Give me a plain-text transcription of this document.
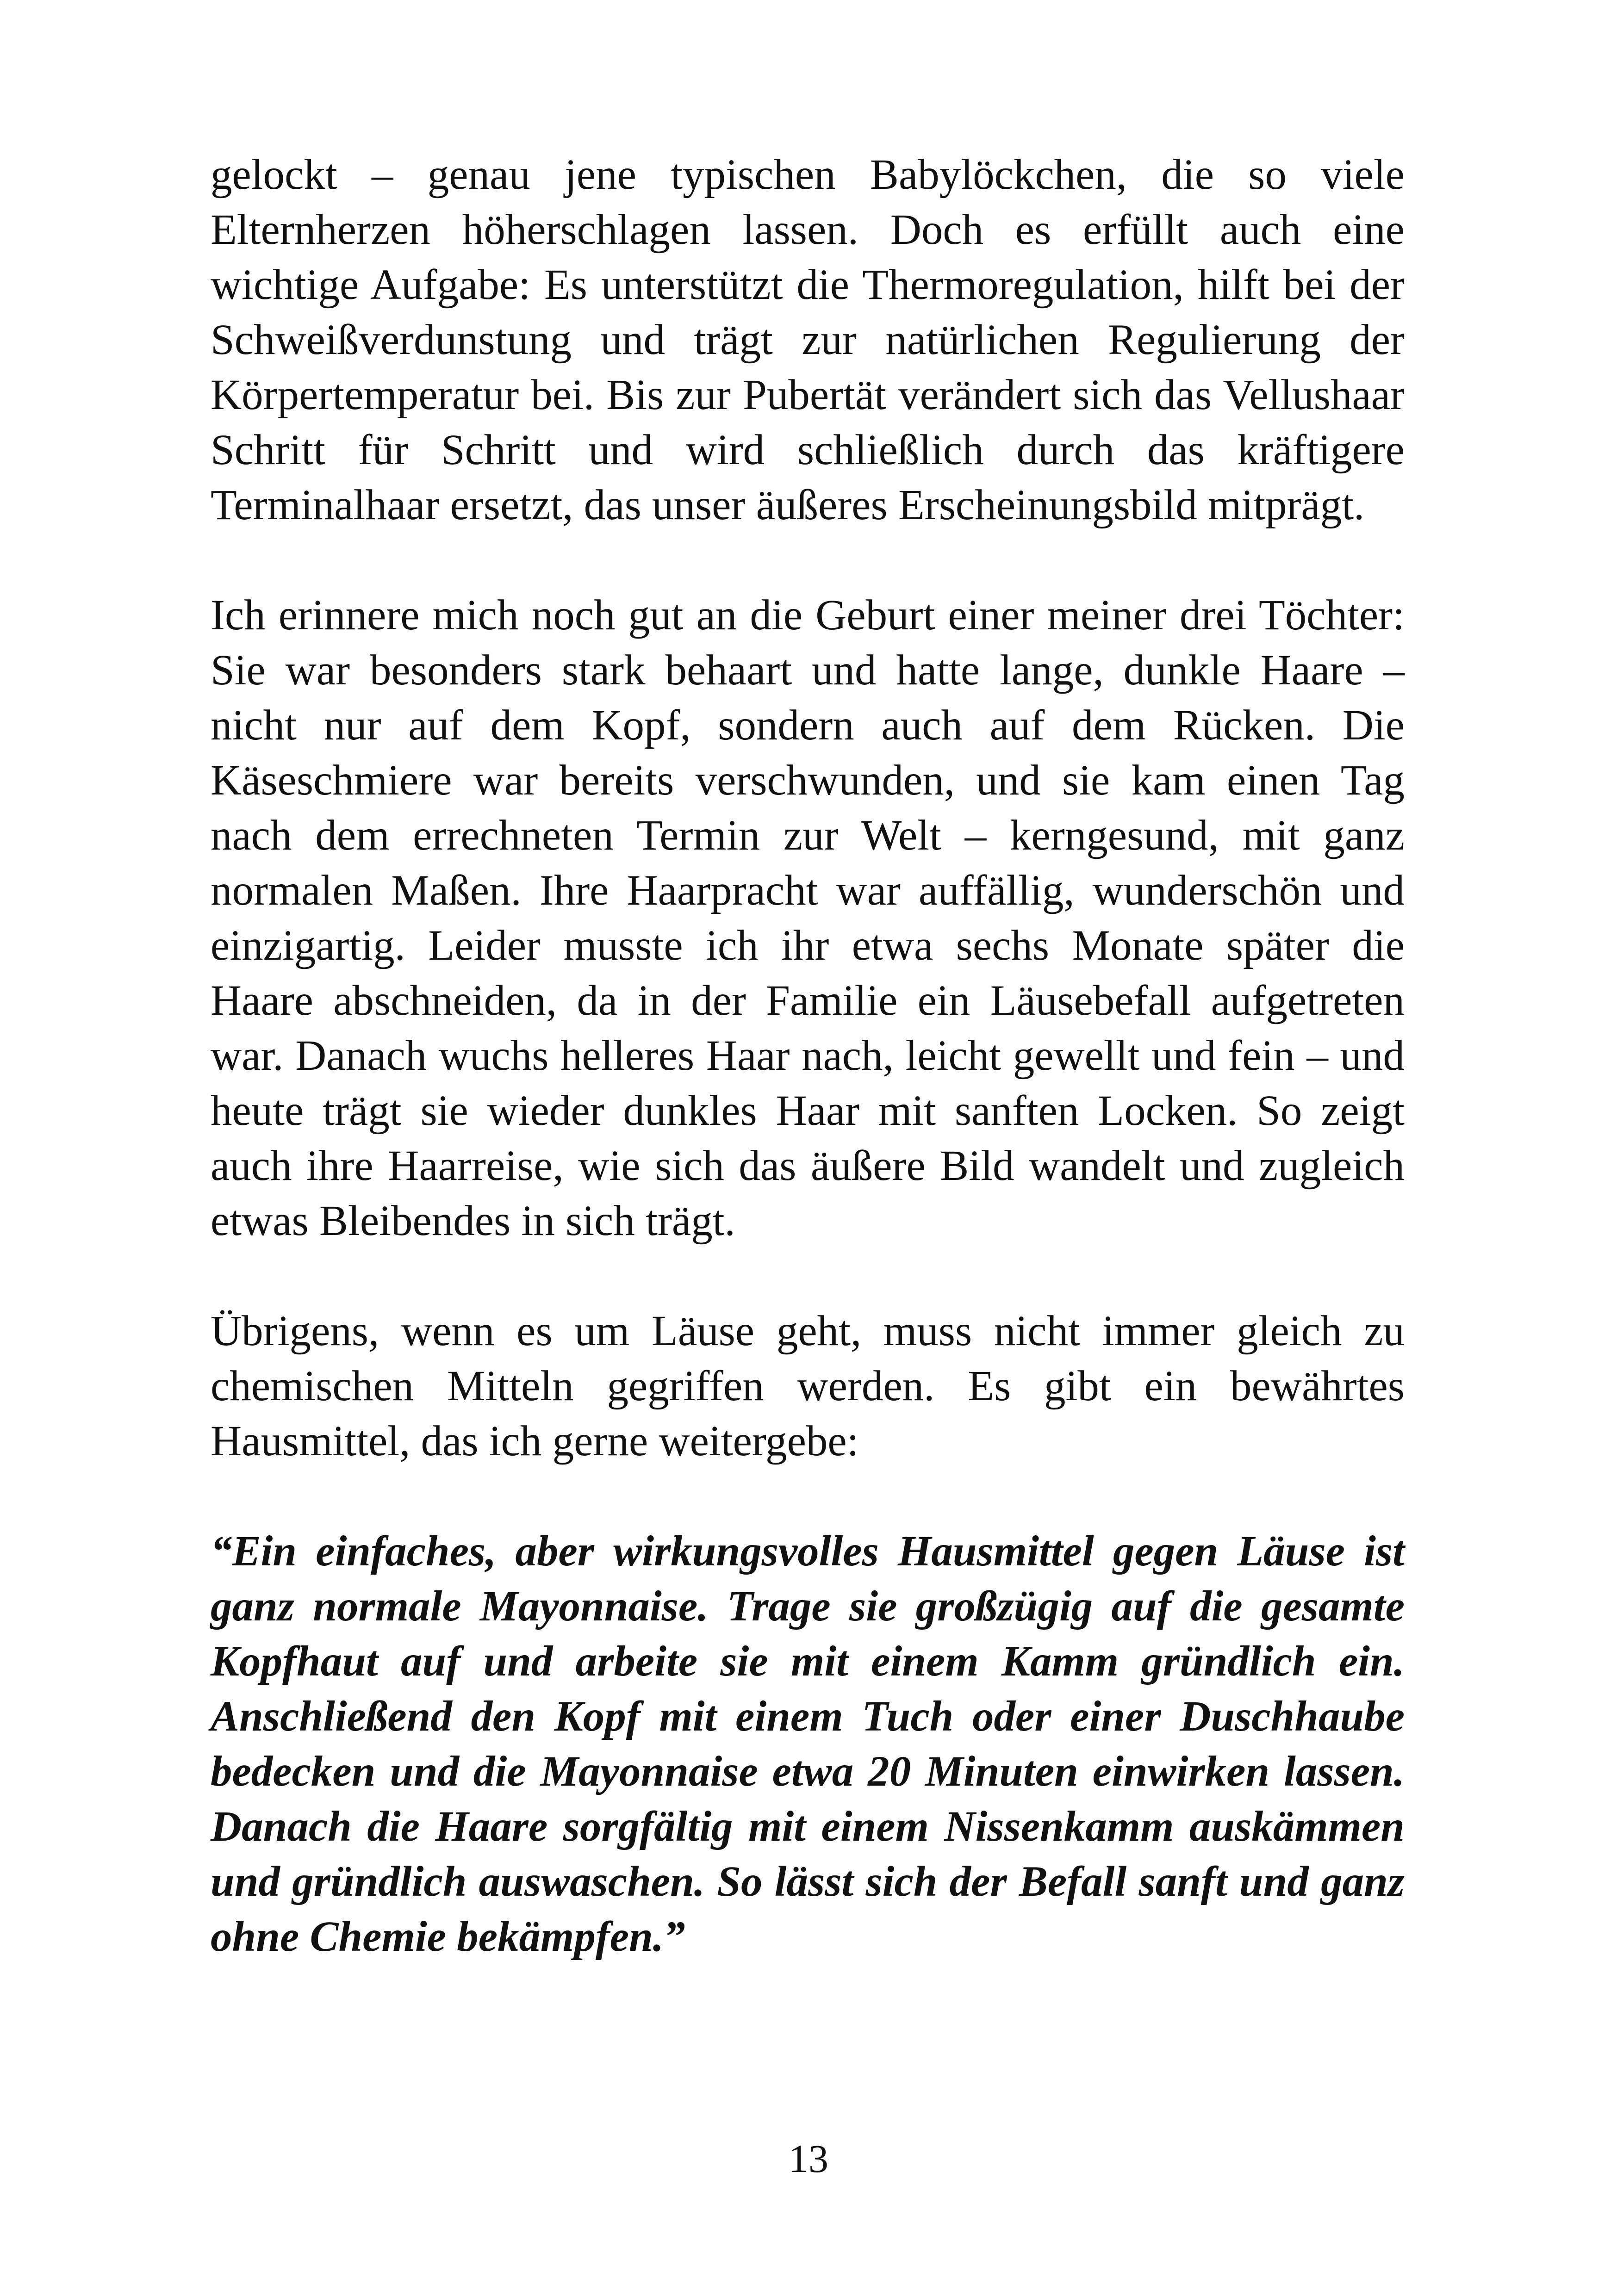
gelockt – genau jene typischen Babylöckchen, die so viele Elternherzen höherschlagen lassen. Doch es erfüllt auch eine wichtige Aufgabe: Es unterstützt die Thermoregulation, hilft bei der Schweißverdunstung und trägt zur natürlichen Regulierung der Körpertemperatur bei. Bis zur Pubertät verändert sich das Vellushaar Schritt für Schritt und wird schließlich durch das kräftigere Terminalhaar ersetzt, das unser äußeres Erscheinungsbild mitprägt.

Ich erinnere mich noch gut an die Geburt einer meiner drei Töchter: Sie war besonders stark behaart und hatte lange, dunkle Haare – nicht nur auf dem Kopf, sondern auch auf dem Rücken. Die Käseschmiere war bereits verschwunden, und sie kam einen Tag nach dem errechneten Termin zur Welt – kerngesund, mit ganz normalen Maßen. Ihre Haarpracht war auffällig, wunderschön und einzigartig. Leider musste ich ihr etwa sechs Monate später die Haare abschneiden, da in der Familie ein Läusebefall aufgetreten war. Danach wuchs helleres Haar nach, leicht gewellt und fein – und heute trägt sie wieder dunkles Haar mit sanften Locken. So zeigt auch ihre Haarreise, wie sich das äußere Bild wandelt und zugleich etwas Bleibendes in sich trägt.

Übrigens, wenn es um Läuse geht, muss nicht immer gleich zu chemischen Mitteln gegriffen werden. Es gibt ein bewährtes Hausmittel, das ich gerne weitergebe:

“Ein einfaches, aber wirkungsvolles Hausmittel gegen Läuse ist ganz normale Mayonnaise. Trage sie großzügig auf die gesamte Kopfhaut auf und arbeite sie mit einem Kamm gründlich ein. Anschließend den Kopf mit einem Tuch oder einer Duschhaube bedecken und die Mayonnaise etwa 20 Minuten einwirken lassen. Danach die Haare sorgfältig mit einem Nissenkamm auskämmen und gründlich auswaschen. So lässt sich der Befall sanft und ganz ohne Chemie bekämpfen.”

13
